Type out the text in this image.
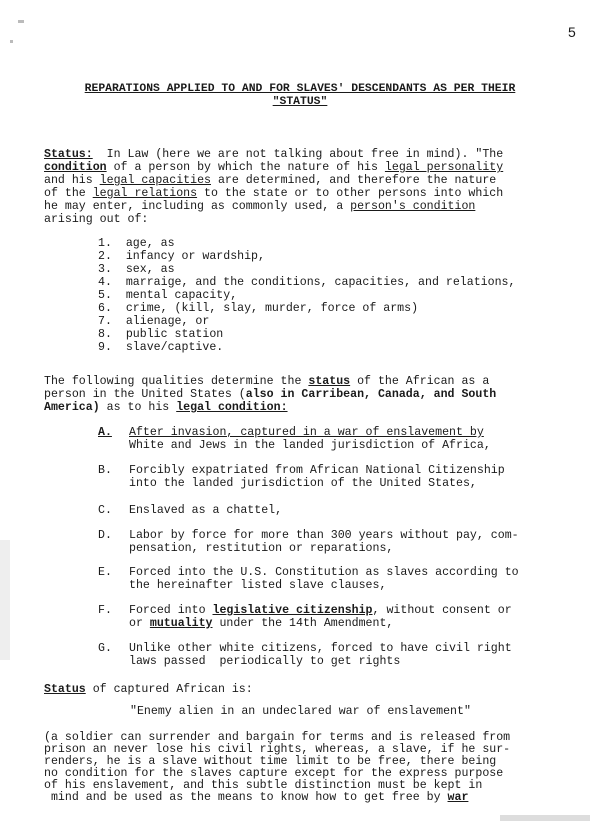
5
REPARATIONS APPLIED TO AND FOR SLAVES' DESCENDANTS AS PER THEIR
"STATUS"
Status:  In Law (here we are not talking about free in mind). "The
condition of a person by which the nature of his legal personality
and his legal capacities are determined, and therefore the nature
of the legal relations to the state or to other persons into which
he may enter, including as commonly used, a person's condition
arising out of:
1.  age, as
2.  infancy or wardship,
3.  sex, as
4.  marraige, and the conditions, capacities, and relations,
5.  mental capacity,
6.  crime, (kill, slay, murder, force of arms)
7.  alienage, or
8.  public station
9.  slave/captive.
The following qualities determine the status of the African as a
person in the United States (also in Carribean, Canada, and South
America) as to his legal condition:
A. After invasion, captured in a war of enslavement by
White and Jews in the landed jurisdiction of Africa,
B. Forcibly expatriated from African National Citizenship
into the landed jurisdiction of the United States,
C. Enslaved as a chattel,
D. Labor by force for more than 300 years without pay, com-
pensation, restitution or reparations,
E. Forced into the U.S. Constitution as slaves according to
the hereinafter listed slave clauses,
F. Forced into legislative citizenship, without consent or
or mutuality under the 14th Amendment,
G. Unlike other white citizens, forced to have civil right
laws passed  periodically to get rights
Status of captured African is:
"Enemy alien in an undeclared war of enslavement"
(a soldier can surrender and bargain for terms and is released from
prison an never lose his civil rights, whereas, a slave, if he sur-
renders, he is a slave without time limit to be free, there being
no condition for the slaves capture except for the express purpose
of his enslavement, and this subtle distinction must be kept in
mind and be used as the means to know how to get free by war
